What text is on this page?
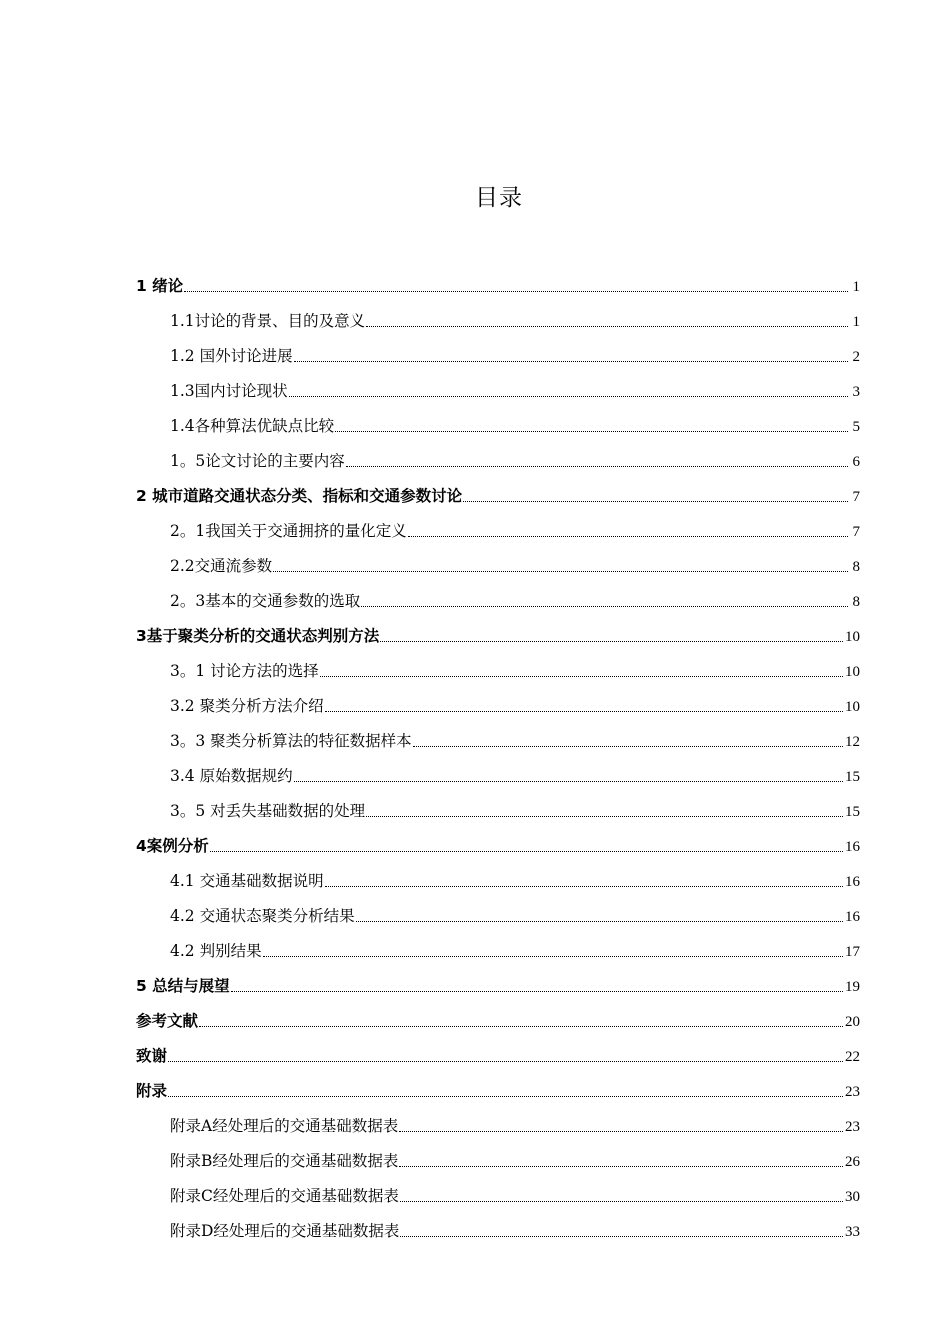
目录
1 绪论	1
1.1讨论的背景、目的及意义	1
1.2 国外讨论进展	2
1.3国内讨论现状	3
1.4各种算法优缺点比较	5
1。5论文讨论的主要内容	6
2 城市道路交通状态分类、指标和交通参数讨论	7
2。1我国关于交通拥挤的量化定义	7
2.2交通流参数	8
2。3基本的交通参数的选取	8
3基于聚类分析的交通状态判别方法	10
3。1 讨论方法的选择	10
3.2 聚类分析方法介绍	10
3。3 聚类分析算法的特征数据样本	12
3.4 原始数据规约	15
3。5 对丢失基础数据的处理	15
4案例分析	16
4.1 交通基础数据说明	16
4.2 交通状态聚类分析结果	16
4.2 判别结果	17
5 总结与展望	19
参考文献	20
致谢	22
附录	23
附录A经处理后的交通基础数据表	23
附录B经处理后的交通基础数据表	26
附录C经处理后的交通基础数据表	30
附录D经处理后的交通基础数据表	33
